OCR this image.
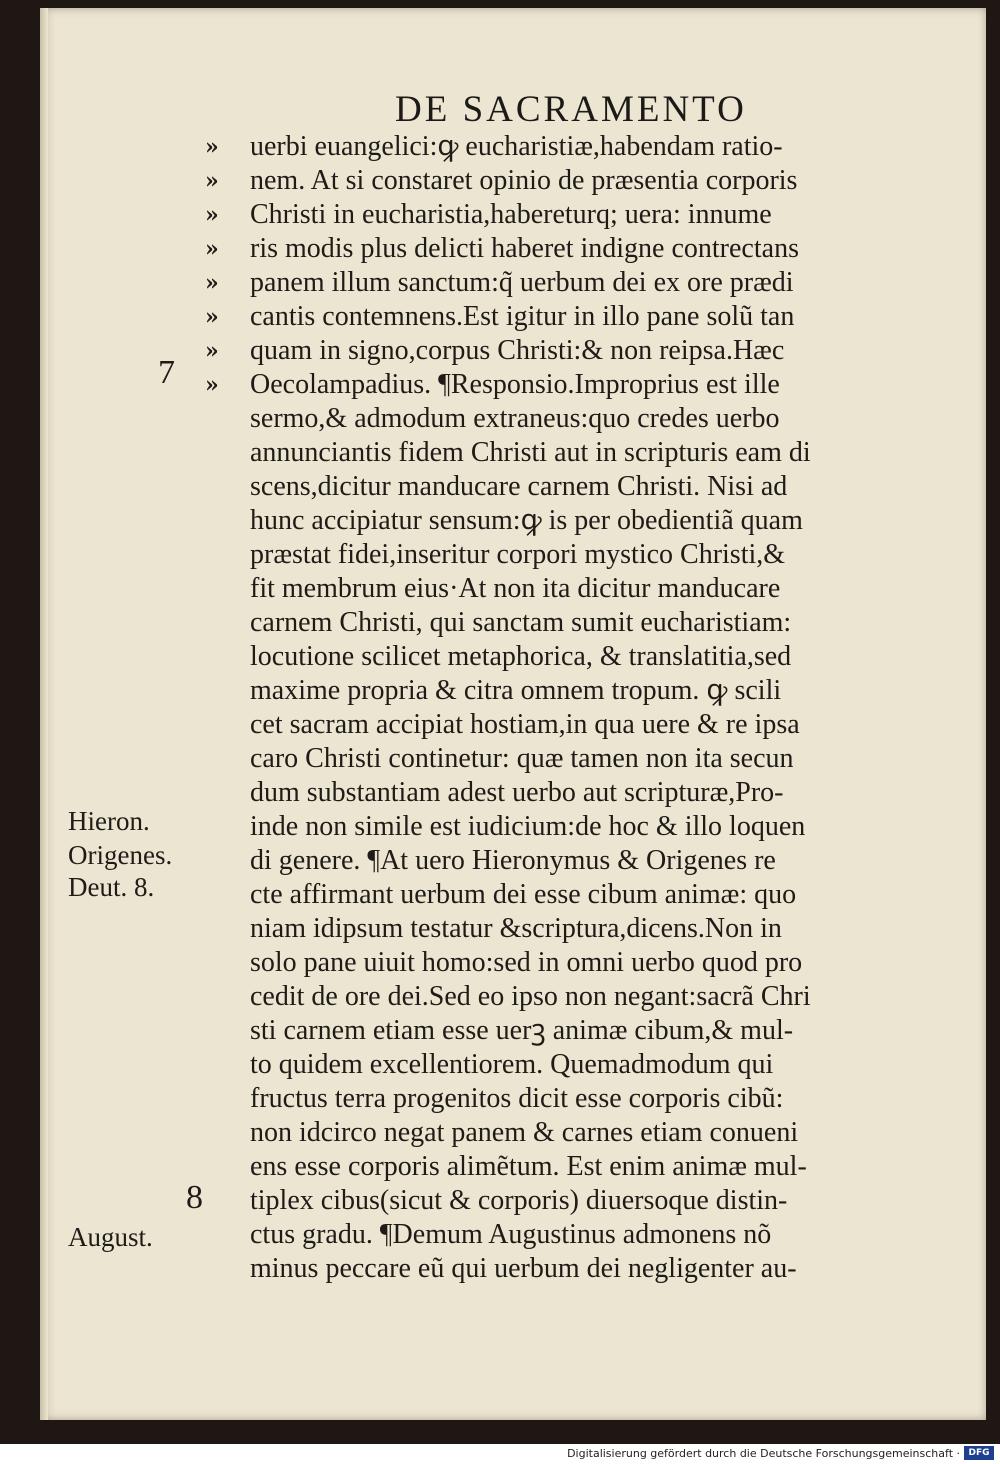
DE SACRAMENTO
»
»
»
»
»
»
»
»
7
8
Hieron.
Origenes.
Deut. 8.
August.
uerbi euangelici:ꝙ eucharistiæ,habendam ratio-
nem. At si constaret opinio de præsentia corporis
Christi in eucharistia,habereturq; uera: innume
ris modis plus delicti haberet indigne contrectans
panem illum sanctum:q̃ uerbum dei ex ore prædi
cantis contemnens.Est igitur in illo pane solũ tan
quam in signo,corpus Christi:& non reipsa.Hæc
Oecolampadius. ¶Responsio.Improprius est ille
sermo,& admodum extraneus:quo credes uerbo
annunciantis fidem Christi aut in scripturis eam di
scens,dicitur manducare carnem Christi. Nisi ad
hunc accipiatur sensum:ꝙ is per obedientiã quam
præstat fidei,inseritur corpori mystico Christi,&
fit membrum eius·At non ita dicitur manducare
carnem Christi, qui sanctam sumit eucharistiam:
locutione scilicet metaphorica, & translatitia,sed
maxime propria & citra omnem tropum. ꝙ scili
cet sacram accipiat hostiam,in qua uere & re ipsa
caro Christi continetur: quæ tamen non ita secun
dum substantiam adest uerbo aut scripturæ,Pro-
inde non simile est iudicium:de hoc & illo loquen
di genere. ¶At uero Hieronymus & Origenes re
cte affirmant uerbum dei esse cibum animæ: quo
niam idipsum testatur &scriptura,dicens.Non in
solo pane uiuit homo:sed in omni uerbo quod pro
cedit de ore dei.Sed eo ipso non negant:sacrã Chri
sti carnem etiam esse uerꝫ animæ cibum,& mul-
to quidem excellentiorem. Quemadmodum qui
fructus terra progenitos dicit esse corporis cibũ:
non idcirco negat panem & carnes etiam conueni
ens esse corporis alimẽtum. Est enim animæ mul-
tiplex cibus(sicut & corporis) diuersoque distin-
ctus gradu. ¶Demum Augustinus admonens nõ
minus peccare eũ qui uerbum dei negligenter au-
Digitalisierung gefördert durch die Deutsche Forschungsgemeinschaft · DFG
